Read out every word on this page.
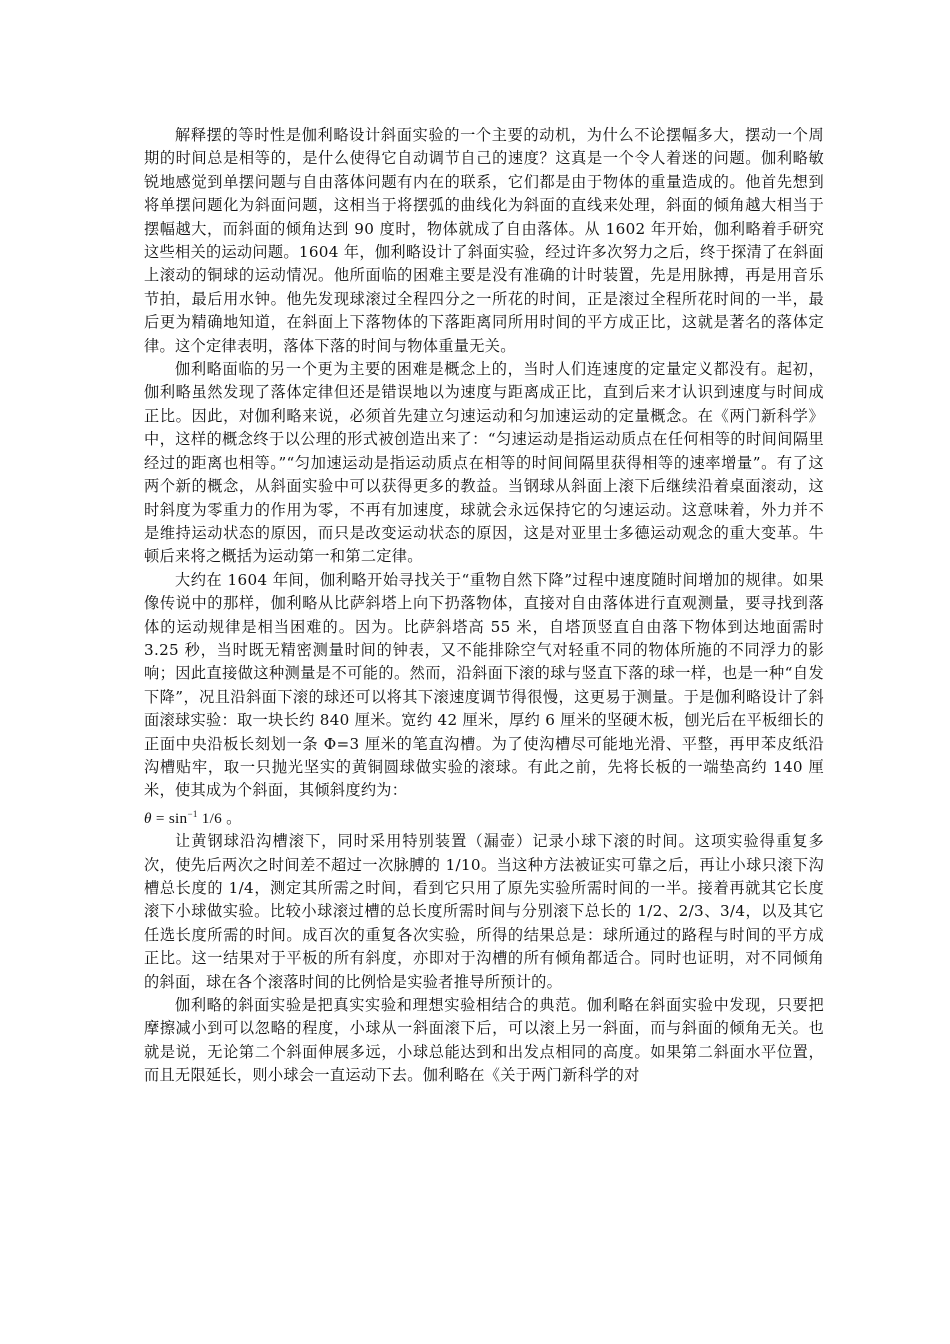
解释摆的等时性是伽利略设计斜面实验的一个主要的动机，为什么不论摆幅多大，摆动一个周期的时间总是相等的，是什么使得它自动调节自己的速度？这真是一个令人着迷的问题。伽利略敏锐地感觉到单摆问题与自由落体问题有内在的联系，它们都是由于物体的重量造成的。他首先想到将单摆问题化为斜面问题，这相当于将摆弧的曲线化为斜面的直线来处理，斜面的倾角越大相当于摆幅越大，而斜面的倾角达到 90 度时，物体就成了自由落体。从 1602 年开始，伽利略着手研究这些相关的运动问题。1604 年，伽利略设计了斜面实验，经过许多次努力之后，终于探清了在斜面上滚动的铜球的运动情况。他所面临的困难主要是没有准确的计时装置，先是用脉搏，再是用音乐节拍，最后用水钟。他先发现球滚过全程四分之一所花的时间，正是滚过全程所花时间的一半，最后更为精确地知道，在斜面上下落物体的下落距离同所用时间的平方成正比，这就是著名的落体定律。这个定律表明，落体下落的时间与物体重量无关。

伽利略面临的另一个更为主要的困难是概念上的，当时人们连速度的定量定义都没有。起初，伽利略虽然发现了落体定律但还是错误地以为速度与距离成正比，直到后来才认识到速度与时间成正比。因此，对伽利略来说，必须首先建立匀速运动和匀加速运动的定量概念。在《两门新科学》中，这样的概念终于以公理的形式被创造出来了：“匀速运动是指运动质点在任何相等的时间间隔里经过的距离也相等。”“匀加速运动是指运动质点在相等的时间间隔里获得相等的速率增量”。有了这两个新的概念，从斜面实验中可以获得更多的教益。当钢球从斜面上滚下后继续沿着桌面滚动，这时斜度为零重力的作用为零，不再有加速度，球就会永远保持它的匀速运动。这意味着，外力并不是维持运动状态的原因，而只是改变运动状态的原因，这是对亚里士多德运动观念的重大变革。牛顿后来将之概括为运动第一和第二定律。

大约在 1604 年间，伽利略开始寻找关于“重物自然下降”过程中速度随时间增加的规律。如果像传说中的那样，伽利略从比萨斜塔上向下扔落物体，直接对自由落体进行直观测量，要寻找到落体的运动规律是相当困难的。因为。比萨斜塔高 55 米，自塔顶竖直自由落下物体到达地面需时 3.25 秒，当时既无精密测量时间的钟表，又不能排除空气对轻重不同的物体所施的不同浮力的影响；因此直接做这种测量是不可能的。然而，沿斜面下滚的球与竖直下落的球一样，也是一种“自发下降”，况且沿斜面下滚的球还可以将其下滚速度调节得很慢，这更易于测量。于是伽利略设计了斜面滚球实验：取一块长约 840 厘米。宽约 42 厘米，厚约 6 厘米的坚硬木板，刨光后在平板细长的正面中央沿板长刻划一条 Φ=3 厘米的笔直沟槽。为了使沟槽尽可能地光滑、平整，再甲苯皮纸沿沟槽贴牢，取一只抛光坚实的黄铜圆球做实验的滚球。有此之前，先将长板的一端垫高约 140 厘米，使其成为个斜面，其倾斜度约为：

$\theta = \sin^{-1} 1/6$ 。

让黄钢球沿沟槽滚下，同时采用特别装置（漏壶）记录小球下滚的时间。这项实验得重复多次，使先后两次之时间差不超过一次脉膊的 1/10。当这种方法被证实可靠之后，再让小球只滚下沟槽总长度的 1/4，测定其所需之时间，看到它只用了原先实验所需时间的一半。接着再就其它长度滚下小球做实验。比较小球滚过槽的总长度所需时间与分别滚下总长的 1/2、2/3、3/4，以及其它任选长度所需的时间。成百次的重复各次实验，所得的结果总是：球所通过的路程与时间的平方成正比。这一结果对于平板的所有斜度，亦即对于沟槽的所有倾角都适合。同时也证明，对不同倾角的斜面，球在各个滚落时间的比例恰是实验者推导所预计的。

伽利略的斜面实验是把真实实验和理想实验相结合的典范。伽利略在斜面实验中发现，只要把摩擦减小到可以忽略的程度，小球从一斜面滚下后，可以滚上另一斜面，而与斜面的倾角无关。也就是说，无论第二个斜面伸展多远，小球总能达到和出发点相同的高度。如果第二斜面水平位置，而且无限延长，则小球会一直运动下去。伽利略在《关于两门新科学的对
